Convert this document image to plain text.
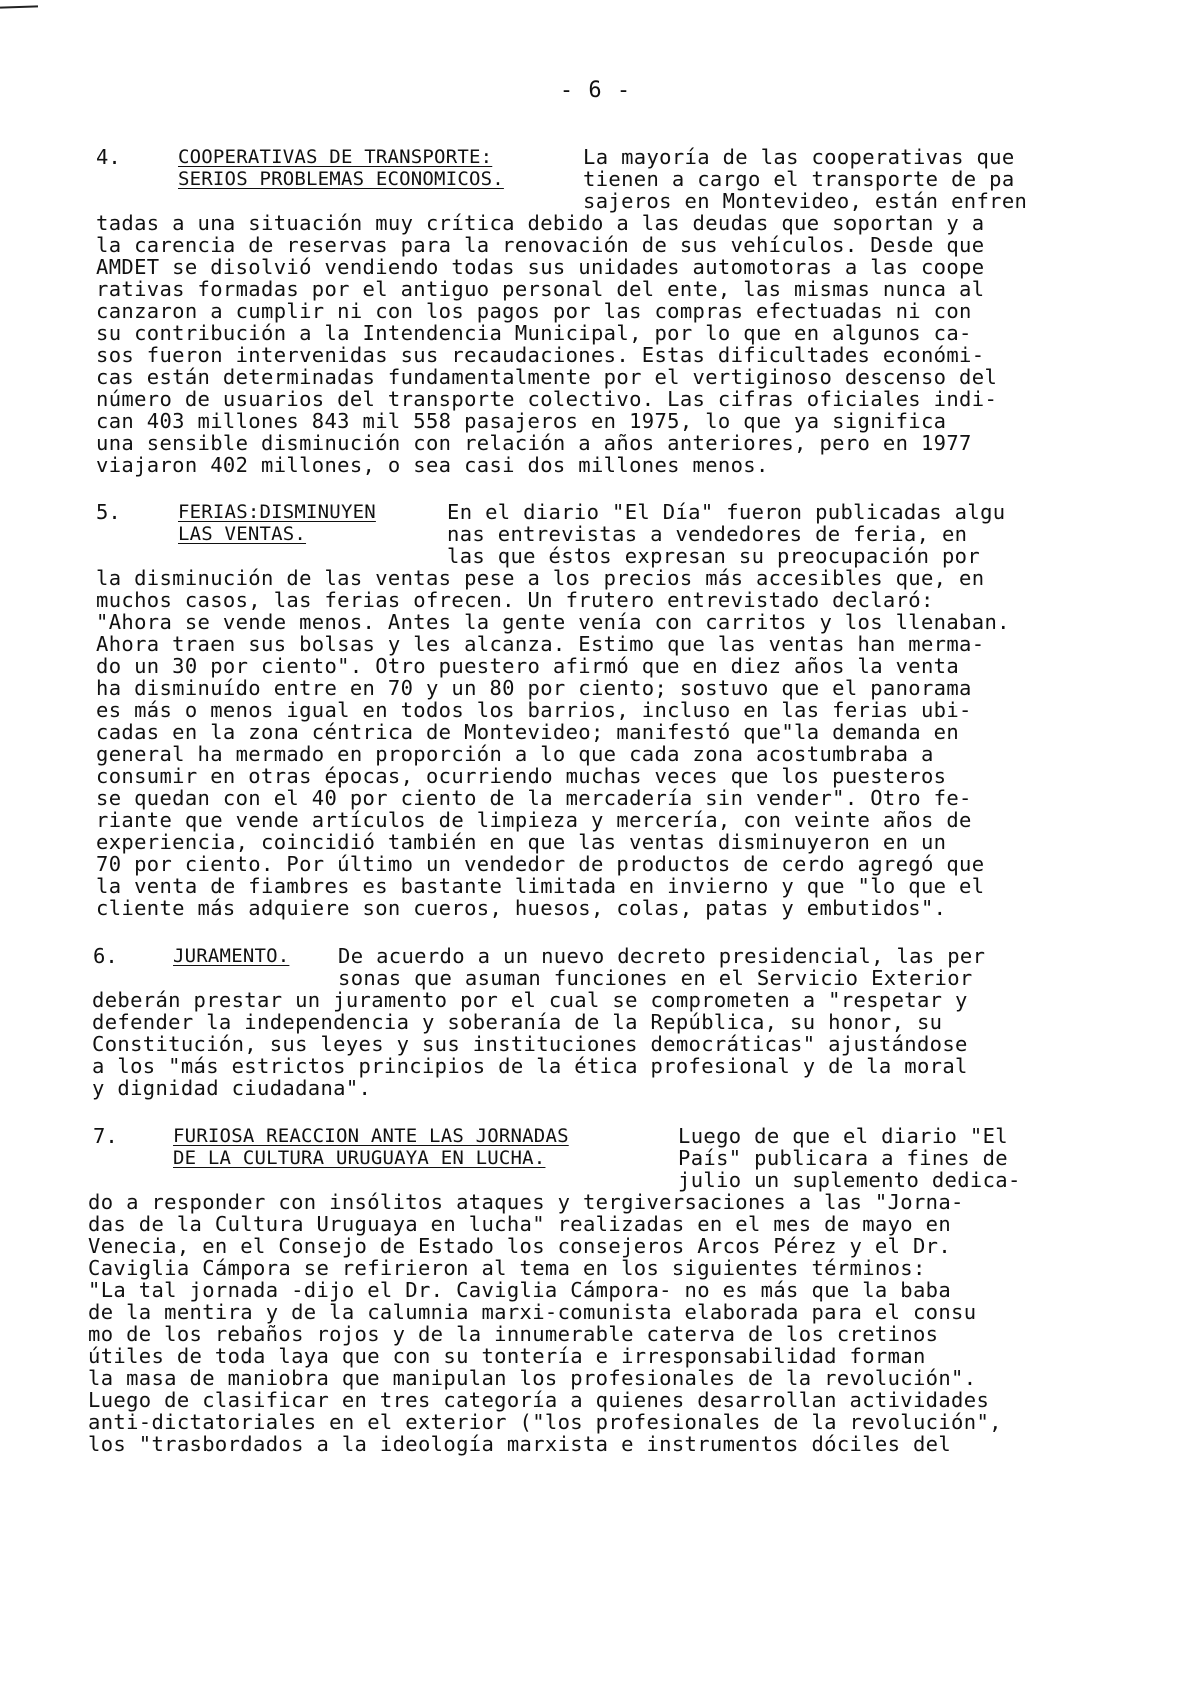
- 6 -
4.	COOPERATIVAS DE TRANSPORTE:
SERIOS PROBLEMAS ECONOMICOS.
La mayoría de las cooperativas que
tienen a cargo el transporte de pa
sajeros en Montevideo, están enfren
tadas a una situación muy crítica debido a las deudas que soportan y a
la carencia de reservas para la renovación de sus vehículos. Desde que
AMDET se disolvió vendiendo todas sus unidades automotoras a las coope
rativas formadas por el antiguo personal del ente, las mismas nunca al
canzaron a cumplir ni con los pagos por las compras efectuadas ni con
su contribución a la Intendencia Municipal, por lo que en algunos ca-
sos fueron intervenidas sus recaudaciones. Estas dificultades económi-
cas están determinadas fundamentalmente por el vertiginoso descenso del
número de usuarios del transporte colectivo. Las cifras oficiales indi-
can 403 millones 843 mil 558 pasajeros en 1975, lo que ya significa
una sensible disminución con relación a años anteriores, pero en 1977
viajaron 402 millones, o sea casi dos millones menos.
5.	FERIAS:DISMINUYEN
LAS VENTAS.
En el diario "El Día" fueron publicadas algu
nas entrevistas a vendedores de feria, en
las que éstos expresan su preocupación por
la disminución de las ventas pese a los precios más accesibles que, en
muchos casos, las ferias ofrecen. Un frutero entrevistado declaró:
"Ahora se vende menos. Antes la gente venía con carritos y los llenaban.
Ahora traen sus bolsas y les alcanza. Estimo que las ventas han merma-
do un 30 por ciento". Otro puestero afirmó que en diez años la venta
ha disminuído entre en 70 y un 80 por ciento; sostuvo que el panorama
es más o menos igual en todos los barrios, incluso en las ferias ubi-
cadas en la zona céntrica de Montevideo; manifestó que"la demanda en
general ha mermado en proporción a lo que cada zona acostumbraba a
consumir en otras épocas, ocurriendo muchas veces que los puesteros
se quedan con el 40 por ciento de la mercadería sin vender". Otro fe-
riante que vende artículos de limpieza y mercería, con veinte años de
experiencia, coincidió también en que las ventas disminuyeron en un
70 por ciento. Por último un vendedor de productos de cerdo agregó que
la venta de fiambres es bastante limitada en invierno y que "lo que el
cliente más adquiere son cueros, huesos, colas, patas y embutidos".
6.	JURAMENTO. De acuerdo a un nuevo decreto presidencial, las per
sonas que asuman funciones en el Servicio Exterior
deberán prestar un juramento por el cual se comprometen a "respetar y
defender la independencia y soberanía de la República, su honor, su
Constitución, sus leyes y sus instituciones democráticas" ajustándose
a los "más estrictos principios de la ética profesional y de la moral
y dignidad ciudadana".
7.	FURIOSA REACCION ANTE LAS JORNADAS
DE LA CULTURA URUGUAYA EN LUCHA.
Luego de que el diario "El
País" publicara a fines de
julio un suplemento dedica-
do a responder con insólitos ataques y tergiversaciones a las "Jorna-
das de la Cultura Uruguaya en lucha" realizadas en el mes de mayo en
Venecia, en el Consejo de Estado los consejeros Arcos Pérez y el Dr.
Caviglia Cámpora se refirieron al tema en los siguientes términos:
"La tal jornada -dijo el Dr. Caviglia Cámpora- no es más que la baba
de la mentira y de la calumnia marxi-comunista elaborada para el consu
mo de los rebaños rojos y de la innumerable caterva de los cretinos
útiles de toda laya que con su tontería e irresponsabilidad forman
la masa de maniobra que manipulan los profesionales de la revolución".
Luego de clasificar en tres categoría a quienes desarrollan actividades
anti-dictatoriales en el exterior ("los profesionales de la revolución",
los "trasbordados a la ideología marxista e instrumentos dóciles del
